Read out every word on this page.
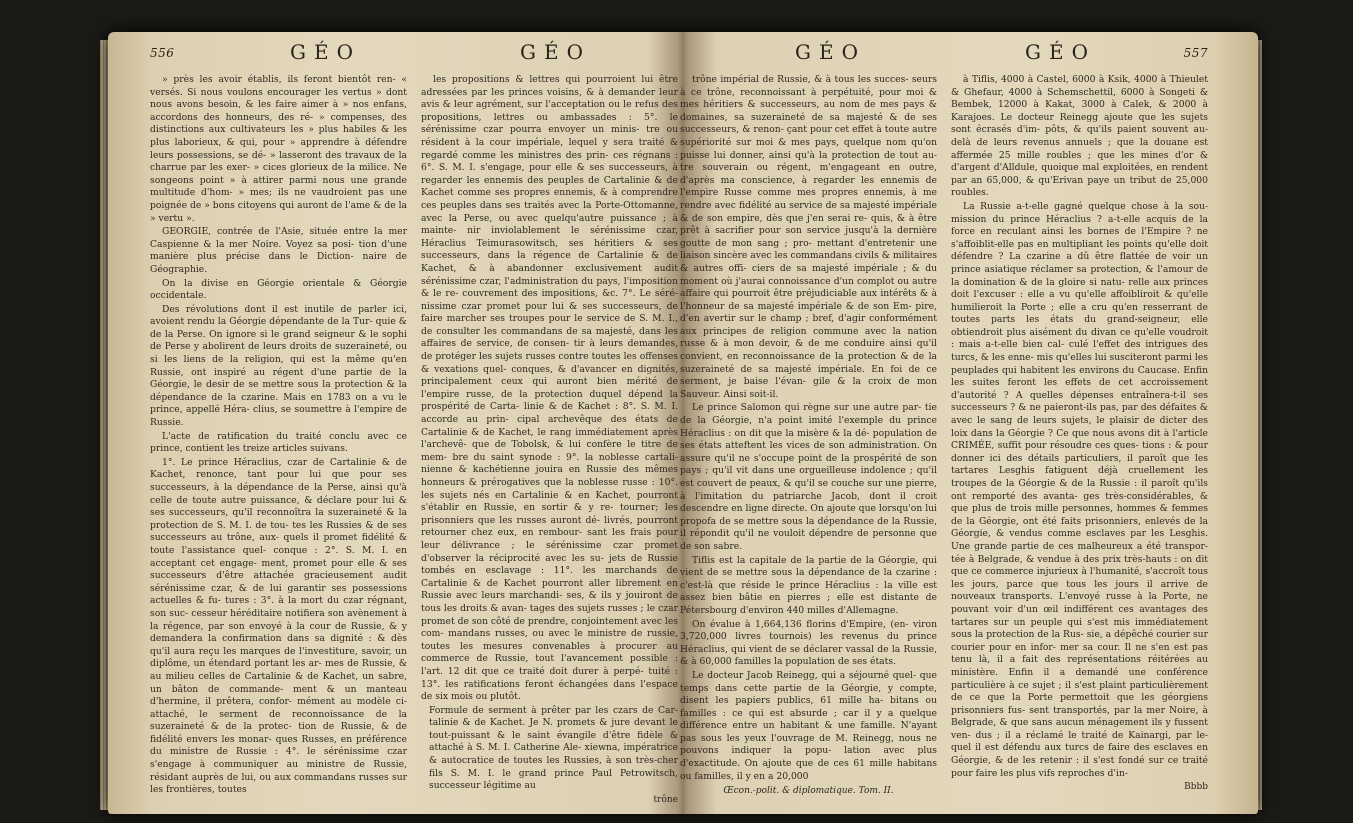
556	GÉO	GÉO

» près les avoir établis, ils feront bientôt ren- « versés. Si nous voulons encourager les vertus » dont nous avons besoin, & les faire aimer à » nos enfans, accordons des honneurs, des ré- » compenses, des distinctions aux cultivateurs les » plus habiles & les plus laborieux, & qui, pour » apprendre à défendre leurs possessions, se dé- » lasseront des travaux de la charrue par les exer- » cices glorieux de la milice. Ne songeons point » à attirer parmi nous une grande multitude d'hom- » mes; ils ne vaudroient pas une poignée de » bons citoyens qui auront de l'ame & de la » vertu ».

GEORGIE, contrée de l'Asie, située entre la mer Caspienne & la mer Noire. Voyez sa posi- tion d'une manière plus précise dans le Diction- naire de Géographie.

On la divise en Géorgie orientale & Géorgie occidentale.

Des révolutions dont il est inutile de parler ici, avoient rendu la Géorgie dépendante de la Tur- quie & de la Perse. On ignore si le grand seigneur & le sophi de Perse y abolirent de leurs droits de suzeraineté, ou si les liens de la religion, qui est la même qu'en Russie, ont inspiré au régent d'une partie de la Géorgie, le desir de se mettre sous la protection & la dépendance de la czarine. Mais en 1783 on a vu le prince, appellé Héra- clius, se soumettre à l'empire de Russie.

L'acte de ratification du traité conclu avec ce prince, contient les treize articles suivans.

1°. Le prince Héraclius, czar de Cartalinie & de Kachet, renonce, tant pour lui que pour ses successeurs, à la dépendance de la Perse, ainsi qu'à celle de toute autre puissance, & déclare pour lui & ses successeurs, qu'il reconnoîtra la suzeraineté & la protection de S. M. I. de tou- tes les Russies & de ses successeurs au trône, aux- quels il promet fidélité & toute l'assistance quel- conque : 2°. S. M. I. en acceptant cet engage- ment, promet pour elle & ses successeurs d'être attachée gracieusement audit sérénissime czar, & de lui garantir ses possessions actuelles & fu- tures : 3°. à la mort du czar régnant, son suc- cesseur héréditaire notifiera son avènement à la régence, par son envoyé à la cour de Russie, & y demandera la confirmation dans sa dignité : & dès qu'il aura reçu les marques de l'investiture, savoir, un diplôme, un étendard portant les ar- mes de Russie, & au milieu celles de Cartalinie & de Kachet, un sabre, un bâton de commande- ment & un manteau d'hermine, il prêtera, confor- mément au modèle ci-attaché, le serment de reconnoissance de la suzeraineté & de la protec- tion de Russie, & de fidélité envers les monar- ques Russes, en préférence du ministre de Russie : 4°. le sérénissime czar s'engage à communiquer au ministre de Russie, résidant auprès de lui, ou aux commandans russes sur les frontières, toutes

les propositions & lettres qui pourroient lui être adressées par les princes voisins, & à demander leur avis & leur agrément, sur l'acceptation ou le refus des propositions, lettres ou ambassades : 5°. le sérénissime czar pourra envoyer un minis- tre ou résident à la cour impériale, lequel y sera traité & regardé comme les ministres des prin- ces régnans : 6°. S. M. I. s'engage, pour elle & ses successeurs, à regarder les ennemis des peuples de Cartalinie & de Kachet comme ses propres ennemis, & à comprendre ces peuples dans ses traités avec la Porte-Ottomanne, avec la Perse, ou avec quelqu'autre puissance ; à mainte- nir inviolablement le sérénissime czar, Héraclius Teimurasowitsch, ses héritiers & ses successeurs, dans la régence de Cartalinie & de Kachet, & à abandonner exclusivement audit sérénissime czar, l'administration du pays, l'imposition & le re- couvrement des impositions, &c. 7°. Le séré- nissime czar promet pour lui & ses successeurs, de faire marcher ses troupes pour le service de S. M. I., de consulter les commandans de sa majesté, dans les affaires de service, de consen- tir à leurs demandes, de protéger les sujets russes contre toutes les offenses & vexations quel- conques, & d'avancer en dignités, principalement ceux qui auront bien mérité de l'empire russe, de la protection duquel dépend la prospérité de Carta- linie & de Kachet : 8°. S. M. I. accorde au prin- cipal archevêque des états de Cartalinie & de Kachet, le rang immédiatement après l'archevê- que de Tobolsk, & lui confère le titre de mem- bre du saint synode : 9°. la noblesse cartali- nienne & kachétienne jouira en Russie des mêmes honneurs & prérogatives que la noblesse russe : 10°. les sujets nés en Cartalinie & en Kachet, pourront s'établir en Russie, en sortir & y re- tourner; les prisonniers que les russes auront dé- livrés, pourront retourner chez eux, en rembour- sant les frais pour leur délivrance ; le sérénissime czar promet d'observer la réciprocité avec les su- jets de Russie tombés en esclavage : 11°. les marchands de Cartalinie & de Kachet pourront aller librement en Russie avec leurs marchandi- ses, & ils y jouiront de tous les droits & avan- tages des sujets russes ; le czar promet de son côté de prendre, conjointement avec les com- mandans russes, ou avec le ministre de russie, toutes les mesures convenables à procurer au commerce de Russie, tout l'avancement possible : l'art. 12 dit que ce traité doit durer à perpé- tuité : 13°. les ratifications feront échangées dans l'espace de six mois ou plutôt.

Formule de serment à prêter par les czars de Car- talinie & de Kachet. Je N. promets & jure devant le tout-puissant & le saint évangile d'être fidèle & attaché à S. M. I. Catherine Ale- xiewna, impératrice & autocratice de toutes les Russies, à son très-cher fils S. M. I. le grand prince Paul Petrowitsch, successeur légitime au

trône
GÉO	GÉO	557

trône impérial de Russie, & à tous les succes- seurs à ce trône, reconnoissant à perpétuité, pour moi & mes héritiers & successeurs, au nom de mes pays & domaines, sa suzeraineté de sa majesté & de ses successeurs, & renon- çant pour cet effet à toute autre supériorité sur moi & mes pays, quelque nom qu'on puisse lui donner, ainsi qu'à la protection de tout au- tre souverain ou régent, m'engageant en outre, d'après ma conscience, à regarder les ennemis de l'empire Russe comme mes propres ennemis, à me rendre avec fidélité au service de sa majesté impériale & de son empire, dès que j'en serai re- quis, & à être prêt à sacrifier pour son service jusqu'à la dernière goutte de mon sang ; pro- mettant d'entretenir une liaison sincère avec les commandans civils & militaires & autres offi- ciers de sa majesté impériale ; & du moment où j'aurai connoissance d'un complot ou autre affaire qui pourroit être préjudiciable aux intérêts & à l'honneur de sa majesté impériale & de son Em- pire, d'en avertir sur le champ ; bref, d'agir conformément aux principes de religion commune avec la nation russe & à mon devoir, & de me conduire ainsi qu'il convient, en reconnoissance de la protection & de la suzeraineté de sa majesté impériale. En foi de ce serment, je baise l'évan- gile & la croix de mon Sauveur. Ainsi soit-il.

Le prince Salomon qui règne sur une autre par- tie de la Géorgie, n'a point imité l'exemple du prince Héraclius : on dit que la misère & la dé- population de ses états atteftent les vices de son administration. On assure qu'il ne s'occupe point de la prospérité de son pays ; qu'il vit dans une orgueilleuse indolence ; qu'il est couvert de peaux, & qu'il se couche sur une pierre, à l'imitation du patriarche Jacob, dont il croit descendre en ligne directe. On ajoute que lorsqu'on lui propofa de se mettre sous la dépendance de la Russie, il répondit qu'il ne vouloit dépendre de personne que de son sabre.

Tiflis est la capitale de la partie de la Géorgie, qui vient de se mettre sous la dépendance de la czarine : c'est-là que réside le prince Héraclius : la ville est assez bien bâtie en pierres ; elle est distante de Pétersbourg d'environ 440 milles d'Allemagne.

On évalue à 1,664,136 florins d'Empire, (en- viron 3,720,000 livres tournois) les revenus du prince Héraclius, qui vient de se déclarer vassal de la Russie, & à 60,000 familles la population de ses états.

Le docteur Jacob Reinegg, qui a séjourné quel- que temps dans cette partie de la Géorgie, y compte, disent les papiers publics, 61 mille ha- bitans ou familles : ce qui est absurde ; car il y a quelque différence entre un habitant & une famille. N'ayant pas sous les yeux l'ouvrage de M. Reinegg, nous ne pouvons indiquer la popu- lation avec plus d'exactitude. On ajoute que de ces 61 mille habitans ou familles, il y en a 20,000

Œcon.-polit. & diplomatique. Tom. II.

à Tiflis, 4000 à Castel, 6000 à Ksik, 4000 à Thieulet & Ghefaur, 4000 à Schemschettil, 6000 à Songeti & Bembek, 12000 à Kakat, 3000 à Calek, & 2000 à Karajoes. Le docteur Reinegg ajoute que les sujets sont écrasés d'im- pôts, & qu'ils paient souvent au-delà de leurs revenus annuels ; que la douane est affermée 25 mille roubles ; que les mines d'or & d'argent d'Alldule, quoique mal exploitées, en rendent par an 65,000, & qu'Erivan paye un tribut de 25,000 roubles.

La Russie a-t-elle gagné quelque chose à la sou- mission du prince Héraclius ? a-t-elle acquis de la force en reculant ainsi les bornes de l'Empire ? ne s'affoiblit-elle pas en multipliant les points qu'elle doit défendre ? La czarine a dû être flattée de voir un prince asiatique réclamer sa protection, & l'amour de la domination & de la gloire si natu- relle aux princes doit l'excuser : elle a vu qu'elle affoibliroit & qu'elle humilieroit la Porte ; elle a cru qu'en resserrant de toutes parts les états du grand-seigneur, elle obtiendroit plus aisément du divan ce qu'elle voudroit : mais a-t-elle bien cal- culé l'effet des intrigues des turcs, & les enne- mis qu'elles lui susciteront parmi les peuplades qui habitent les environs du Caucase. Enfin les suites feront les effets de cet accroissement d'autorité ? A quelles dépenses entraînera-t-il ses successeurs ? & ne paieront-ils pas, par des défaites & avec le sang de leurs sujets, le plaisir de dicter des loix dans la Géorgie ? Ce que nous avons dit à l'article CRIMÉE, suffit pour résoudre ces ques- tions : & pour donner ici des détails particuliers, il paroît que les tartares Lesghis fatiguent déjà cruellement les troupes de la Géorgie & de la Russie : il paroît qu'ils ont remporté des avanta- ges très-considérables, & que plus de trois mille personnes, hommes & femmes de la Géorgie, ont été faits prisonniers, enlevés de la Géorgie, & vendus comme esclaves par les Lesghis. Une grande partie de ces malheureux a été transpor- tée à Belgrade, & vendue à des prix très-hauts : on dit que ce commerce injurieux à l'humanité, s'accroît tous les jours, parce que tous les jours il arrive de nouveaux transports. L'envoyé russe à la Porte, ne pouvant voir d'un œil indifférent ces avantages des tartares sur un peuple qui s'est mis immédiatement sous la protection de la Rus- sie, a dépêché courier sur courier pour en infor- mer sa cour. Il ne s'en est pas tenu là, il a fait des représentations réitérées au ministère. Enfin il a demandé une conférence particulière à ce sujet ; il s'est plaint particulièrement de ce que la Porte permettoit que les géorgiens prisonniers fus- sent transportés, par la mer Noire, à Belgrade, & que sans aucun ménagement ils y fussent ven- dus ; il a réclamé le traité de Kainargi, par le- quel il est défendu aux turcs de faire des esclaves en Géorgie, & de les retenir : il s'est fondé sur ce traité pour faire les plus vifs reproches d'in-

Bbbb
